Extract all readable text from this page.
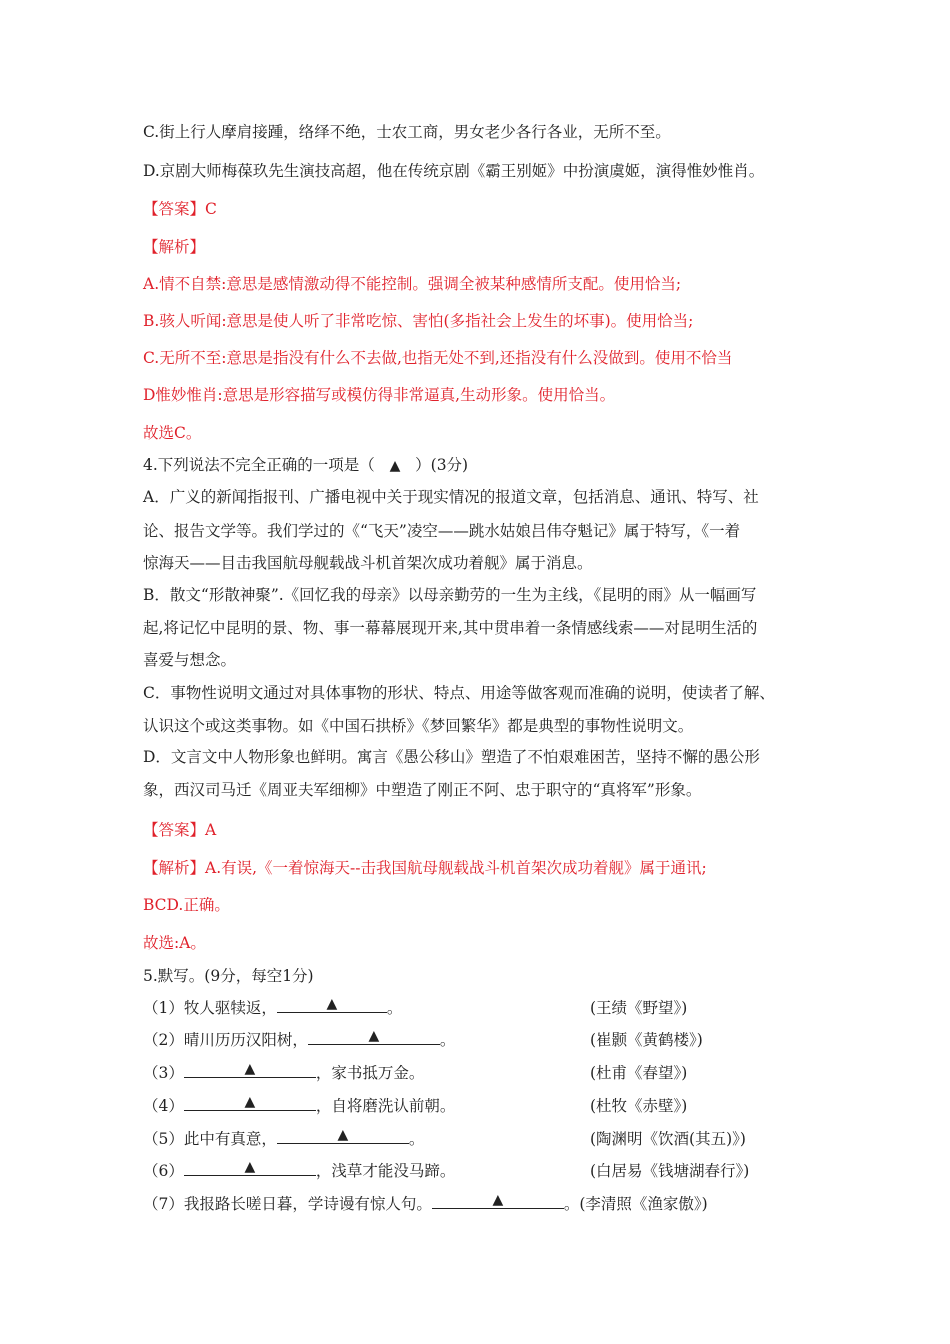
C.街上行人摩肩接踵，络绎不绝，士农工商，男女老少各行各业，无所不至。
D.京剧大师梅葆玖先生演技高超，他在传统京剧《霸王别姬》中扮演虞姬，演得惟妙惟肖。
【答案】C
【解析】
A.情不自禁:意思是感情激动得不能控制。强调全被某种感情所支配。使用恰当;
B.骇人听闻:意思是使人听了非常吃惊、害怕(多指社会上发生的坏事)。使用恰当;
C.无所不至:意思是指没有什么不去做,也指无处不到,还指没有什么没做到。使用不恰当
D惟妙惟肖:意思是形容描写或模仿得非常逼真,生动形象。使用恰当。
故选C。
4.下列说法不完全正确的一项是（ ▲ ）(3分)
A．广义的新闻指报刊、广播电视中关于现实情况的报道文章，包括消息、通讯、特写、社
论、报告文学等。我们学过的《“飞天”凌空——跳水姑娘吕伟夺魁记》属于特写，《一着
惊海天——目击我国航母舰载战斗机首架次成功着舰》属于消息。
B．散文“形散神聚”.《回忆我的母亲》以母亲勤劳的一生为主线，《昆明的雨》从一幅画写
起,将记忆中昆明的景、物、事一幕幕展现开来,其中贯串着一条情感线索——对昆明生活的
喜爱与想念。
C．事物性说明文通过对具体事物的形状、特点、用途等做客观而准确的说明，使读者了解、
认识这个或这类事物。如《中国石拱桥》《梦回繁华》都是典型的事物性说明文。
D．文言文中人物形象也鲜明。寓言《愚公移山》塑造了不怕艰难困苦，坚持不懈的愚公形
象，西汉司马迁《周亚夫军细柳》中塑造了刚正不阿、忠于职守的“真将军”形象。
【答案】A
【解析】A.有误,《一着惊海天--击我国航母舰载战斗机首架次成功着舰》属于通讯;
BCD.正确。
故选:A。
5.默写。(9分，每空1分)
（1）牧人驱犊返，	▲	。	(王绩《野望》)
（2）晴川历历汉阳树，	▲	。	(崔颢《黄鹤楼》)
（3）	▲	，家书抵万金。	(杜甫《春望》)
（4）	▲	，自将磨洗认前朝。	(杜牧《赤壁》)
（5）此中有真意，	▲	。	(陶渊明《饮酒(其五)》)
（6）	▲	，浅草才能没马蹄。	(白居易《钱塘湖春行》)
（7）我报路长嗟日暮，学诗谩有惊人句。	▲	。(李清照《渔家傲》)
